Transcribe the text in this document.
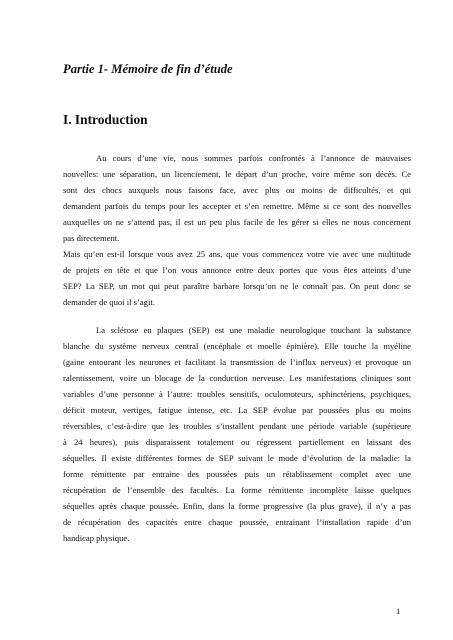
Partie 1- Mémoire de fin d’étude
I. Introduction
Au cours d’une vie, nous sommes parfois confrontés à l’annonce de mauvaises
nouvelles: une séparation, un licenciement, le départ d’un proche, voire même son décès. Ce
sont des chocs auxquels nous faisons face, avec plus ou moins de difficultés, et qui
demandent parfois du temps pour les accepter et s’en remettre. Même si ce sont des nouvelles
auxquelles on ne s’attend pas, il est un peu plus facile de les gérer si elles ne nous concernent
pas directement.
Mais qu’en est-il lorsque vous avez 25 ans, que vous commencez votre vie avec une multitude
de projets en tête et que l’on vous annonce entre deux portes que vous êtes atteints d’une
SEP? La SEP, un mot qui peut paraître barbare lorsqu’on ne le connaît pas. On peut donc se
demander de quoi il s’agit.
La sclérose en plaques (SEP) est une maladie neurologique touchant la substance
blanche du système nerveux central (encéphale et moelle épinière). Elle touche la myéline
(gaine entourant les neurones et facilitant la transmission de l’influx nerveux) et provoque un
ralentissement, voire un blocage de la conduction nerveuse. Les manifestations cliniques sont
variables d’une personne à l’autre: troubles sensitifs, oculomoteurs, sphinctériens, psychiques,
déficit moteur, vertiges, fatigue intense, etc. La SEP évolue par poussées plus ou moins
réversibles, c’est-à-dire que les troubles s’installent pendant une période variable (supérieure
à 24 heures), puis disparaissent totalement ou régressent partiellement en laissant des
séquelles. Il existe différentes formes de SEP suivant le mode d’évolution de la maladie: la
forme rémittente par entraine des poussées puis un rétablissement complet avec une
récupération de l’ensemble des facultés. La forme rémittente incomplète laisse quelques
séquelles après chaque poussée. Enfin, dans la forme progressive (la plus grave), il n’y a pas
de récupération des capacités entre chaque poussée, entrainant l’installation rapide d’un
handicap physique.
1
